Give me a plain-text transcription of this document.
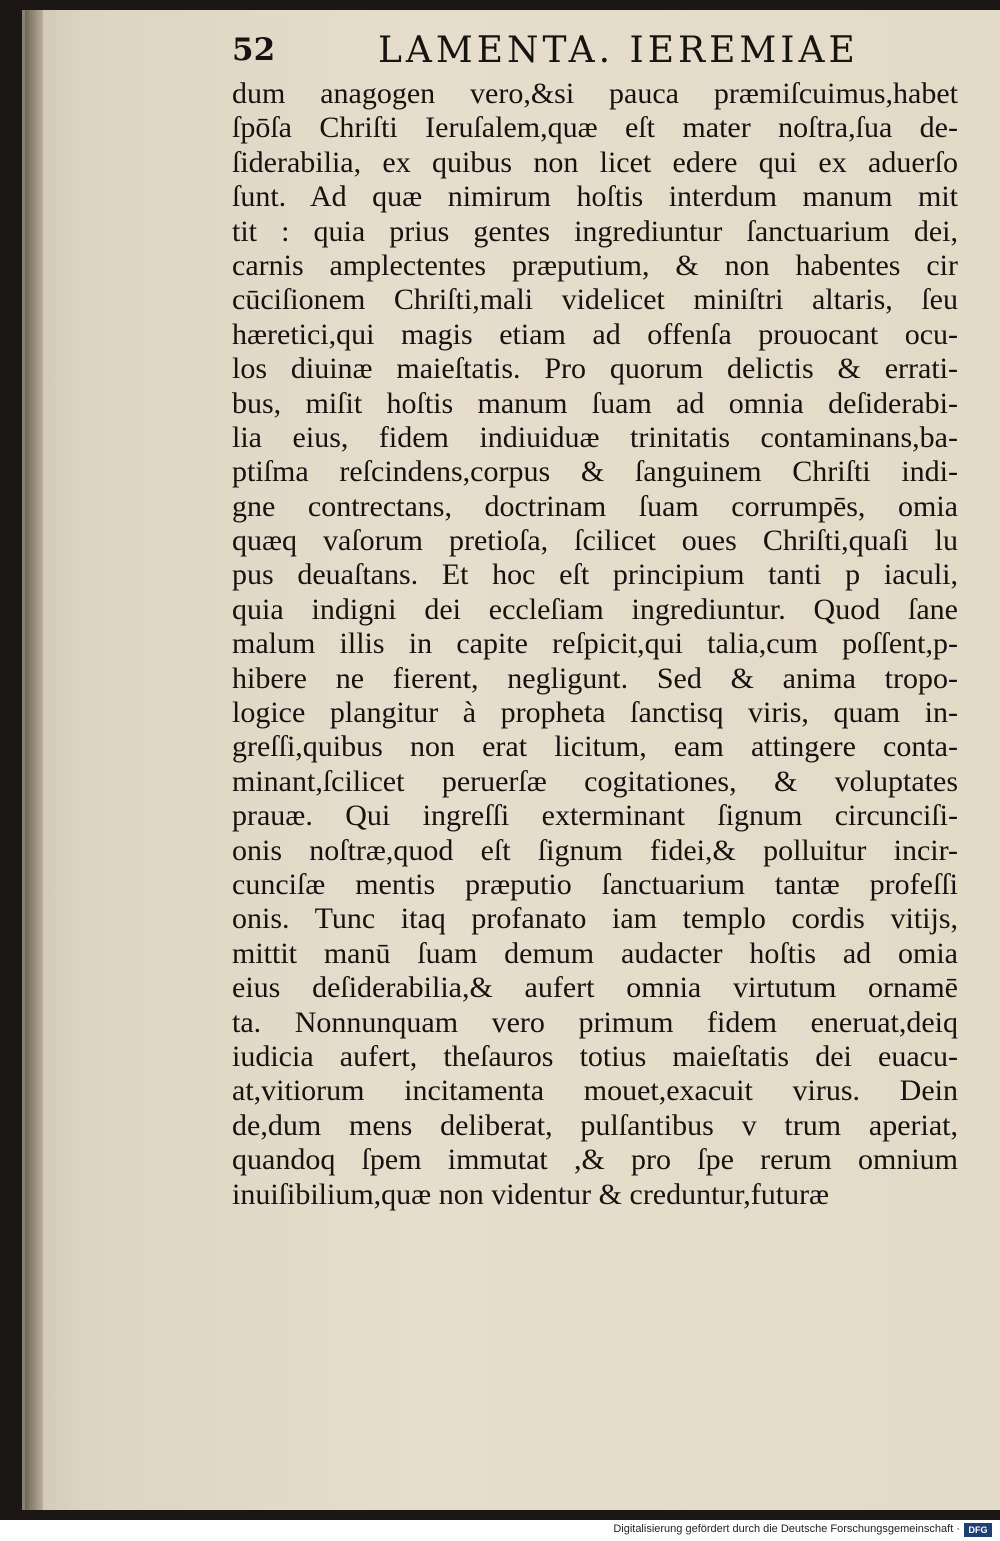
52	LAMENTA. IEREMIAE
dum anagogen vero,&si pauca prӕmiſcuimus,habet
ſpōſa Chriſti Ieruſalem,quӕ eſt mater noſtra,ſua de-
ſiderabilia, ex quibus non licet edere qui ex aduerſo
ſunt. Ad quӕ nimirum hoſtis interdum manum mit
tit : quia prius gentes ingrediuntur ſanctuarium dei,
carnis amplectentes prӕputium, & non habentes cir
cūciſionem Chriſti,mali videlicet miniſtri altaris, ſeu
hӕretici,qui magis etiam ad offenſa prouocant ocu-
los diuinӕ maieſtatis. Pro quorum delictis & errati-
bus, miſit hoſtis manum ſuam ad omnia deſiderabi-
lia eius, fidem indiuiduӕ trinitatis contaminans,ba-
ptiſma reſcindens,corpus & ſanguinem Chriſti indi-
gne contrectans, doctrinam ſuam corrumpēs, omia
quӕq vaſorum pretioſa, ſcilicet oues Chriſti,quaſi lu
pus deuaſtans. Et hoc eſt principium tanti p iaculi,
quia indigni dei eccleſiam ingrediuntur. Quod ſane
malum illis in capite reſpicit,qui talia,cum poſſent,p-
hibere ne fierent, negligunt. Sed & anima tropo-
logice plangitur à propheta ſanctisq viris, quam in-
greſſi,quibus non erat licitum, eam attingere conta-
minant,ſcilicet peruerſӕ cogitationes, & voluptates
prauӕ. Qui ingreſſi exterminant ſignum circunciſi-
onis noſtrӕ,quod eſt ſignum fidei,& polluitur incir-
cunciſӕ mentis prӕputio ſanctuarium tantӕ profeſſi
onis. Tunc itaq profanato iam templo cordis vitijs,
mittit manū ſuam demum audacter hoſtis ad omia
eius deſiderabilia,& aufert omnia virtutum ornamē
ta. Nonnunquam vero primum fidem eneruat,deiq
iudicia aufert, theſauros totius maieſtatis dei euacu-
at,vitiorum incitamenta mouet,exacuit virus. Dein
de,dum mens deliberat, pulſantibus v trum aperiat,
quandoq ſpem immutat ,& pro ſpe rerum omnium
inuiſibilium,quӕ non videntur & creduntur,futurӕ
Digitalisierung gefördert durch die Deutsche Forschungsgemeinschaft · DFG
